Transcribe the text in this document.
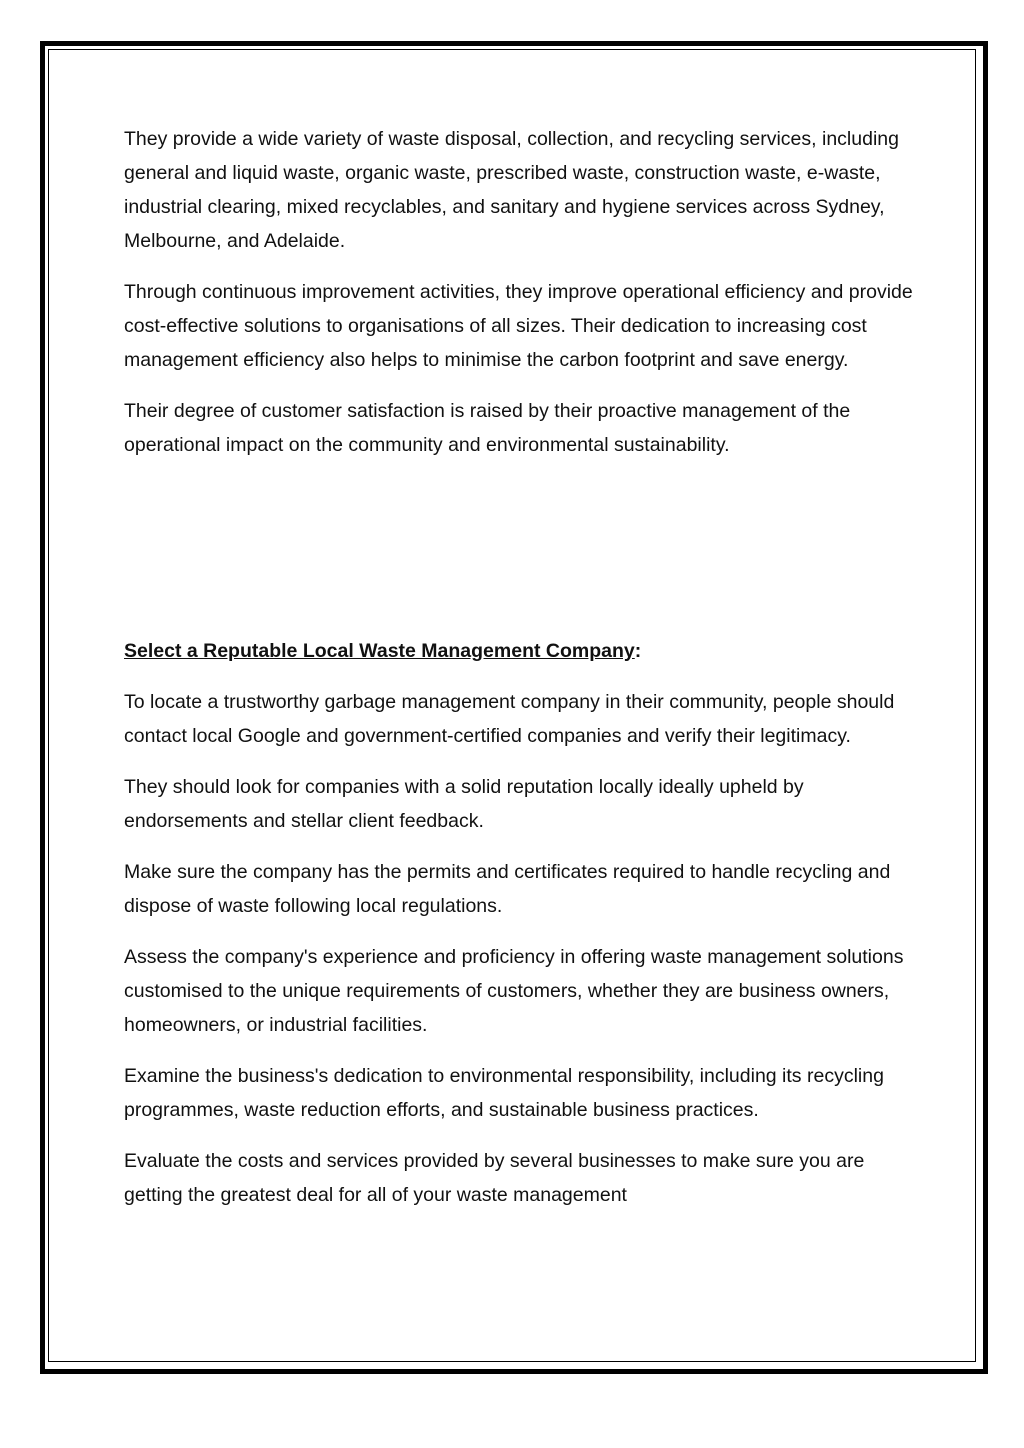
They provide a wide variety of waste disposal, collection, and recycling services, including general and liquid waste, organic waste, prescribed waste, construction waste, e-waste, industrial clearing, mixed recyclables, and sanitary and hygiene services across Sydney, Melbourne, and Adelaide.

Through continuous improvement activities, they improve operational efficiency and provide cost-effective solutions to organisations of all sizes. Their dedication to increasing cost management efficiency also helps to minimise the carbon footprint and save energy.

Their degree of customer satisfaction is raised by their proactive management of the operational impact on the community and environmental sustainability.

Select a Reputable Local Waste Management Company:

To locate a trustworthy garbage management company in their community, people should contact local Google and government-certified companies and verify their legitimacy.

They should look for companies with a solid reputation locally ideally upheld by endorsements and stellar client feedback.

Make sure the company has the permits and certificates required to handle recycling and dispose of waste following local regulations.

Assess the company's experience and proficiency in offering waste management solutions customised to the unique requirements of customers, whether they are business owners, homeowners, or industrial facilities.

Examine the business's dedication to environmental responsibility, including its recycling programmes, waste reduction efforts, and sustainable business practices.

Evaluate the costs and services provided by several businesses to make sure you are getting the greatest deal for all of your waste management
